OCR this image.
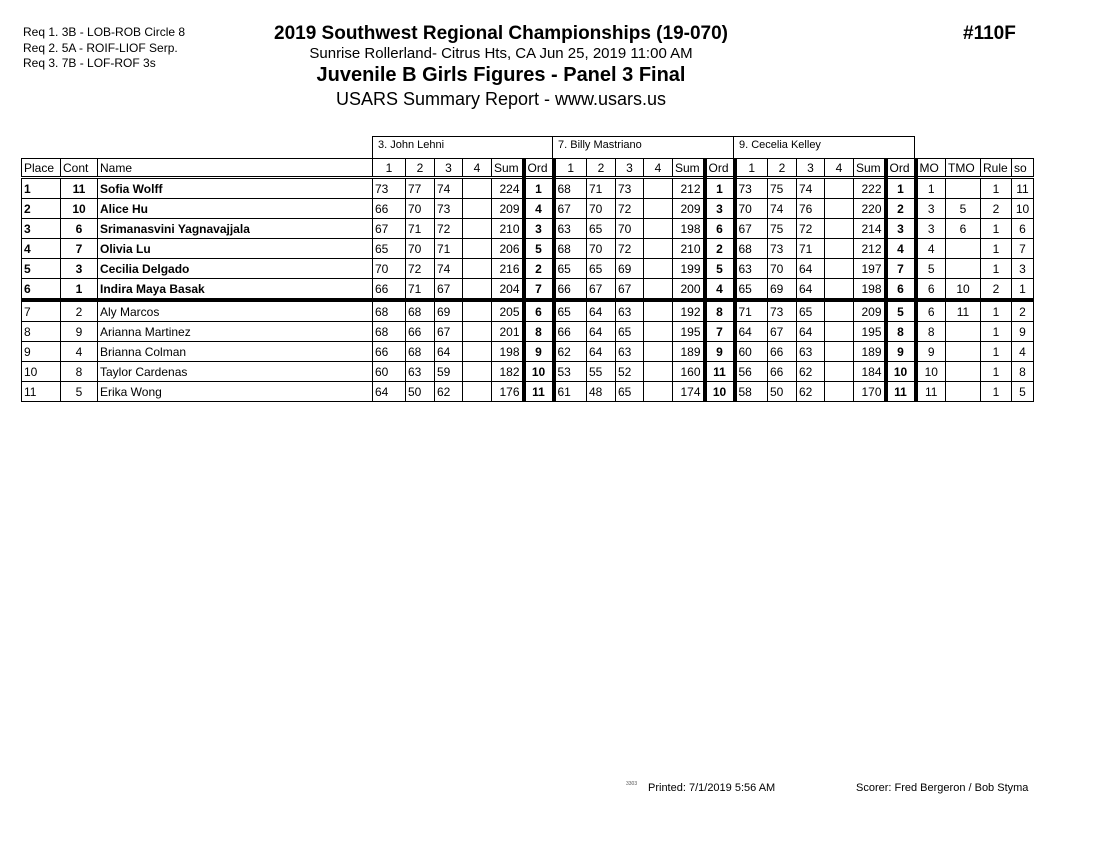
Req 1. 3B - LOB-ROB Circle 8
Req 2. 5A - ROIF-LIOF Serp.
Req 3. 7B - LOF-ROF 3s
2019 Southwest Regional Championships (19-070)
Sunrise Rollerland- Citrus Hts, CA Jun 25, 2019 11:00 AM
Juvenile B Girls Figures - Panel 3 Final
USARS Summary Report - www.usars.us
#110F
3. John Lehni	7. Billy Mastriano	9. Cecelia Kelley
Place	Cont	Name	1	2	3	4	Sum	Ord	1	2	3	4	Sum	Ord	1	2	3	4	Sum	Ord	MO	TMO	Rule	so
1	11	Sofia Wolff	73	77	74		224	1	68	71	73		212	1	73	75	74		222	1	1		1	11
2	10	Alice Hu	66	70	73		209	4	67	70	72		209	3	70	74	76		220	2	3	5	2	10
3	6	Srimanasvini Yagnavajjala	67	71	72		210	3	63	65	70		198	6	67	75	72		214	3	3	6	1	6
4	7	Olivia Lu	65	70	71		206	5	68	70	72		210	2	68	73	71		212	4	4		1	7
5	3	Cecilia Delgado	70	72	74		216	2	65	65	69		199	5	63	70	64		197	7	5		1	3
6	1	Indira Maya Basak	66	71	67		204	7	66	67	67		200	4	65	69	64		198	6	6	10	2	1
7	2	Aly Marcos	68	68	69		205	6	65	64	63		192	8	71	73	65		209	5	6	11	1	2
8	9	Arianna Martinez	68	66	67		201	8	66	64	65		195	7	64	67	64		195	8	8		1	9
9	4	Brianna Colman	66	68	64		198	9	62	64	63		189	9	60	66	63		189	9	9		1	4
10	8	Taylor Cardenas	60	63	59		182	10	53	55	52		160	11	56	66	62		184	10	10		1	8
11	5	Erika Wong	64	50	62		176	11	61	48	65		174	10	58	50	62		170	11	11		1	5
3303 Printed: 7/1/2019 5:56 AM	Scorer: Fred Bergeron / Bob Styma
